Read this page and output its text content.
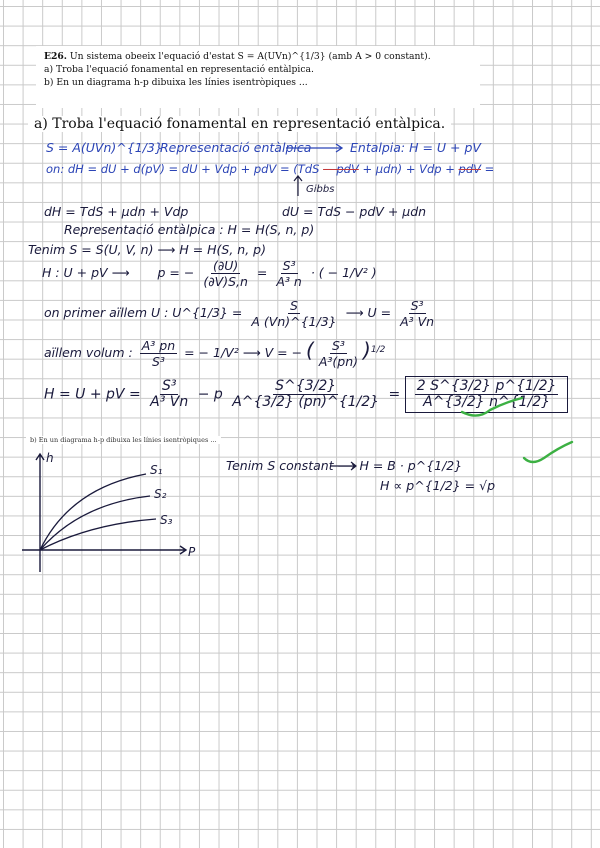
E26. Un sistema obeeix l'equació d'estat S = A(UVn)^{1/3} (amb A > 0 constant).
a) Troba l'equació fonamental en representació entàlpica.
b) En un diagrama h-p dibuixa les línies isentròpiques ...
a) Troba l'equació fonamental en representació entàlpica.
S = A(UVn)^{1/3}
Representació entàlpica	Entalpia: H = U + pV
on: dH = dU + d(pV) = dU + Vdp + pdV = (TdS − pdV + μdn) + Vdp + pdV =
Gibbs
dH = TdS + μdn + Vdp	dU = TdS − pdV + μdn
Representació entàlpica : H = H(S, n, p)
Tenim S = S(U, V, n) ⟶ H = H(S, n, p)
H : U + pV ⟶ p = − $\frac{(\partial U)}{(\partial V)S,n} = \frac{\text{S³}}{\text{A³ n}}$ · ( − 1/V² )
on primer aïllem U : U^{1/3} = $\frac{S}{A (Vn)\^{}\{1/3\}}$ ⟶ $U = \frac{\text{S³}}{\text{A³ Vn}}$
aïllem volum : $\frac{\text{A³ pn}}{\text{S³}}$ = − 1/V² ⟶ V = − ( $\frac{\text{S³}}{\text{A³(pn)}} )^{1/2}$
H = U + pV = $\frac{\text{S³}}{\text{A³ Vn}} - p \frac{S\^{}\{3/2\}}{A\^{}\{3/2\} (pn)\^{}\{1/2\}} = \frac{2 S\^{}\{3/2\} p\^{}\{1/2\}}{A\^{}\{3/2\} n\^{}\{1/2\}}$
b) En un diagrama h-p dibuixa les línies isentròpiques ...
Tenim S constant ⟶ H = B · p^{1/2}
H ∝ p^{1/2} = √p
h
P
S₁
S₂
S₃
